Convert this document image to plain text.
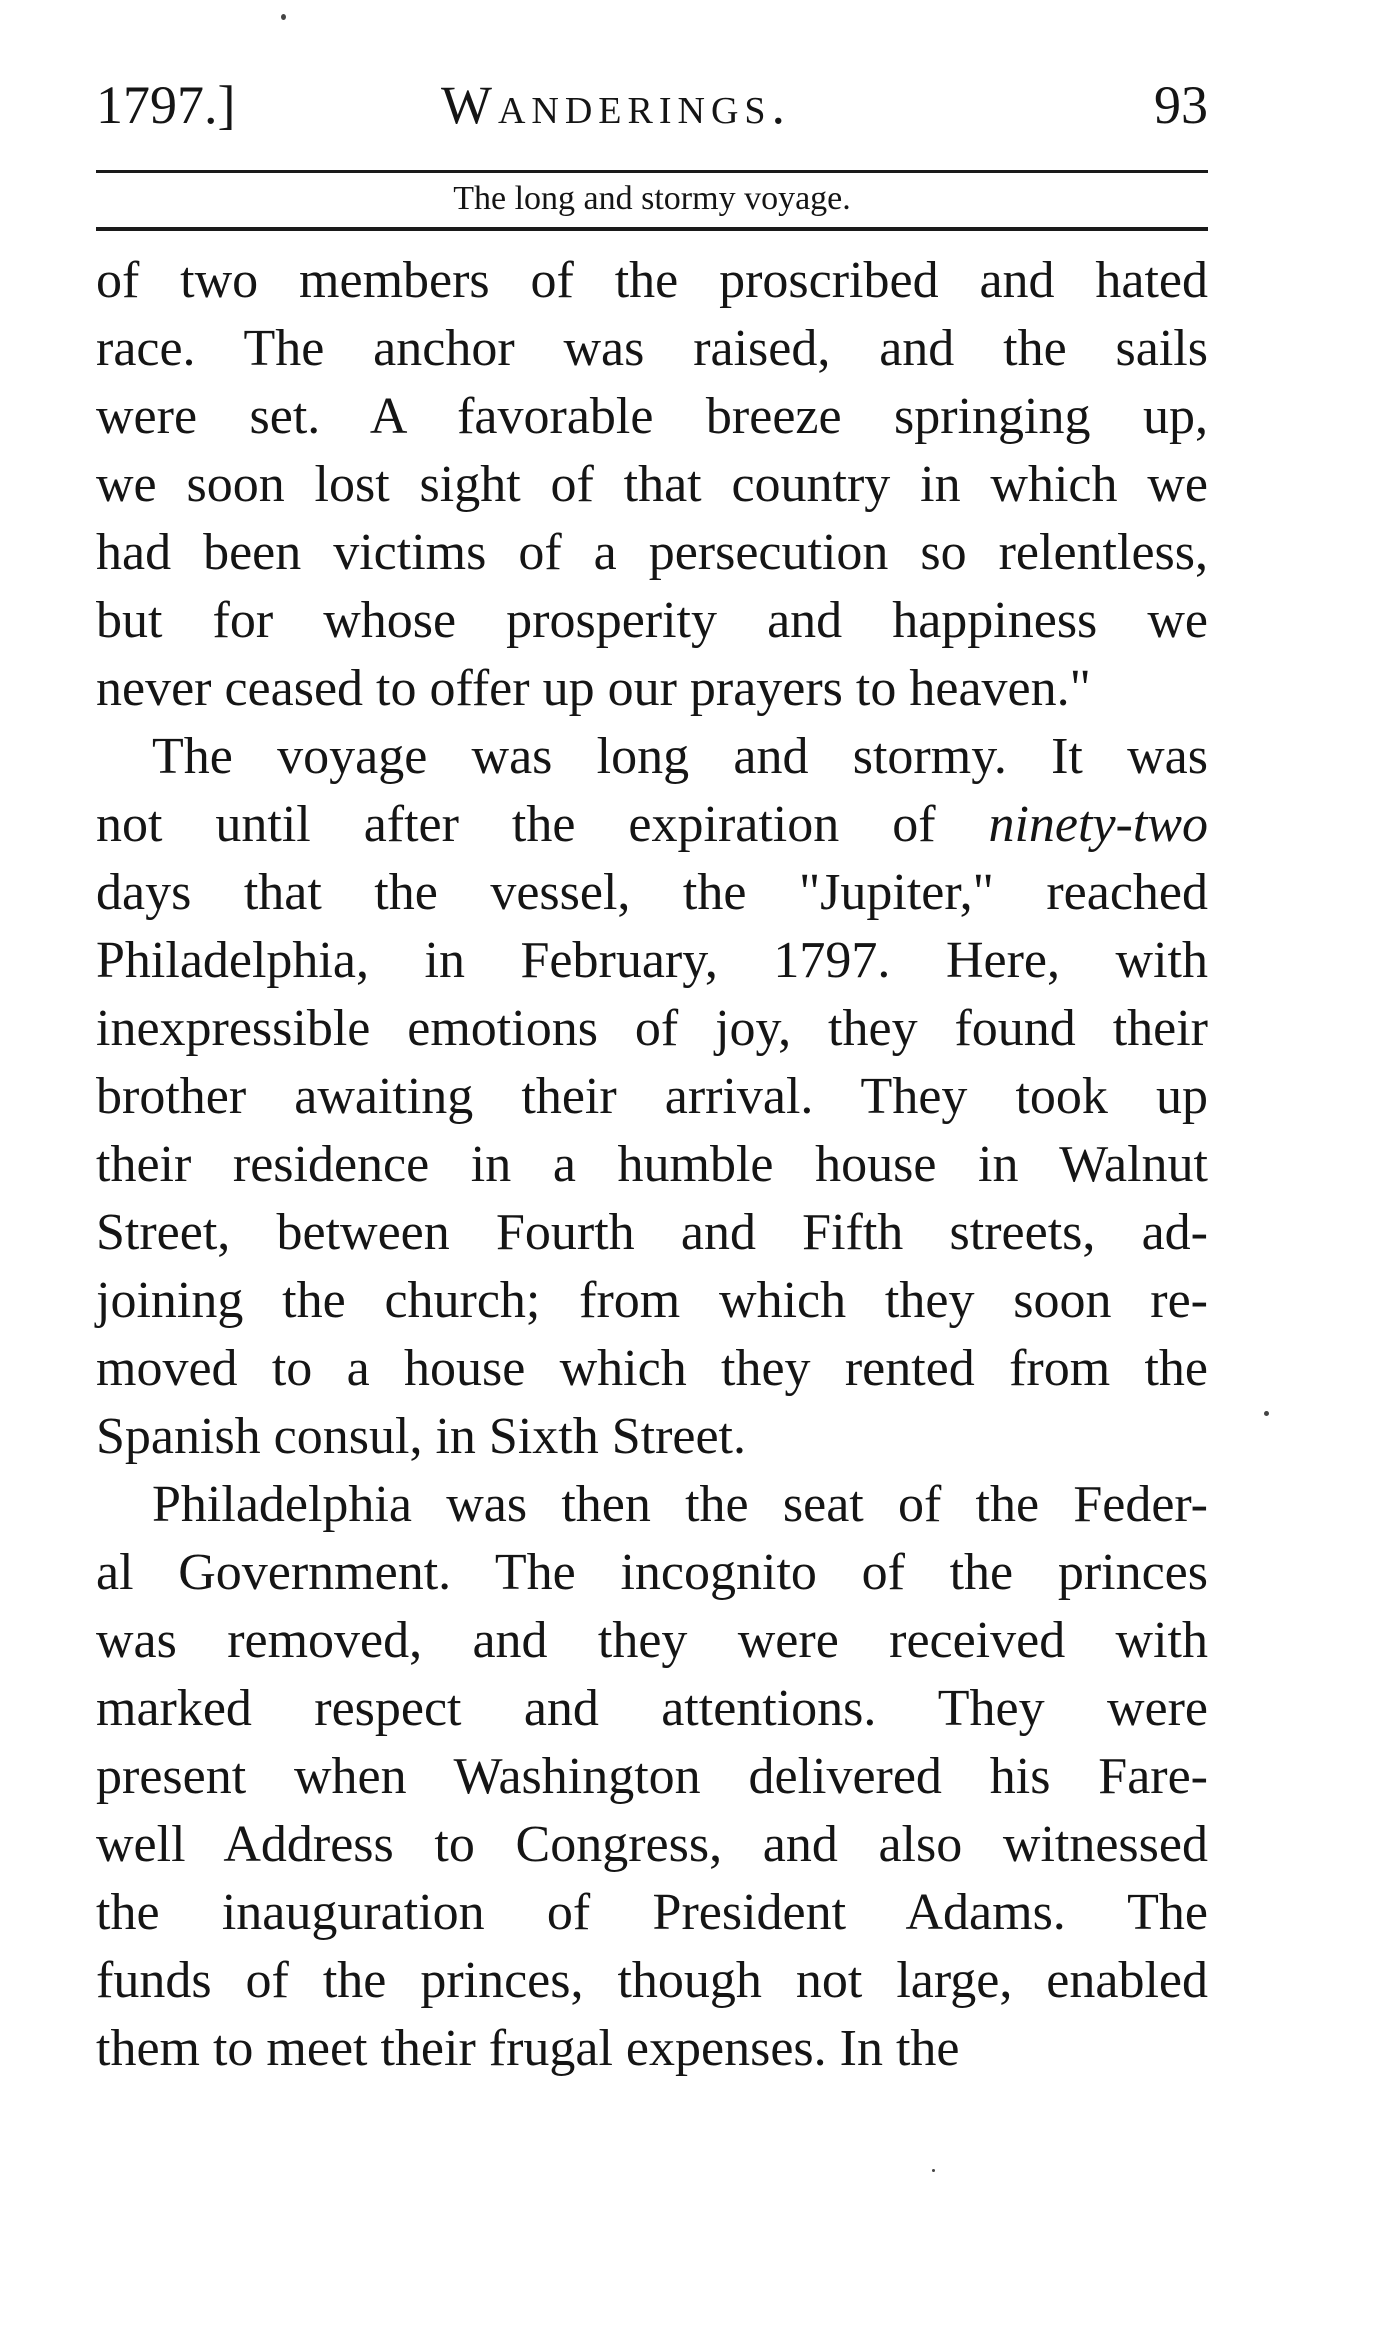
1797.]	Wanderings.	93
The long and stormy voyage.
of two members of the proscribed and hated
race. The anchor was raised, and the sails
were set. A favorable breeze springing up,
we soon lost sight of that country in which we
had been victims of a persecution so relentless,
but for whose prosperity and happiness we
never ceased to offer up our prayers to heaven."
The voyage was long and stormy. It was
not until after the expiration of ninety-two
days that the vessel, the "Jupiter," reached
Philadelphia, in February, 1797. Here, with
inexpressible emotions of joy, they found their
brother awaiting their arrival. They took up
their residence in a humble house in Walnut
Street, between Fourth and Fifth streets, ad-
joining the church; from which they soon re-
moved to a house which they rented from the
Spanish consul, in Sixth Street.
Philadelphia was then the seat of the Feder-
al Government. The incognito of the princes
was removed, and they were received with
marked respect and attentions. They were
present when Washington delivered his Fare-
well Address to Congress, and also witnessed
the inauguration of President Adams. The
funds of the princes, though not large, enabled
them to meet their frugal expenses. In the
